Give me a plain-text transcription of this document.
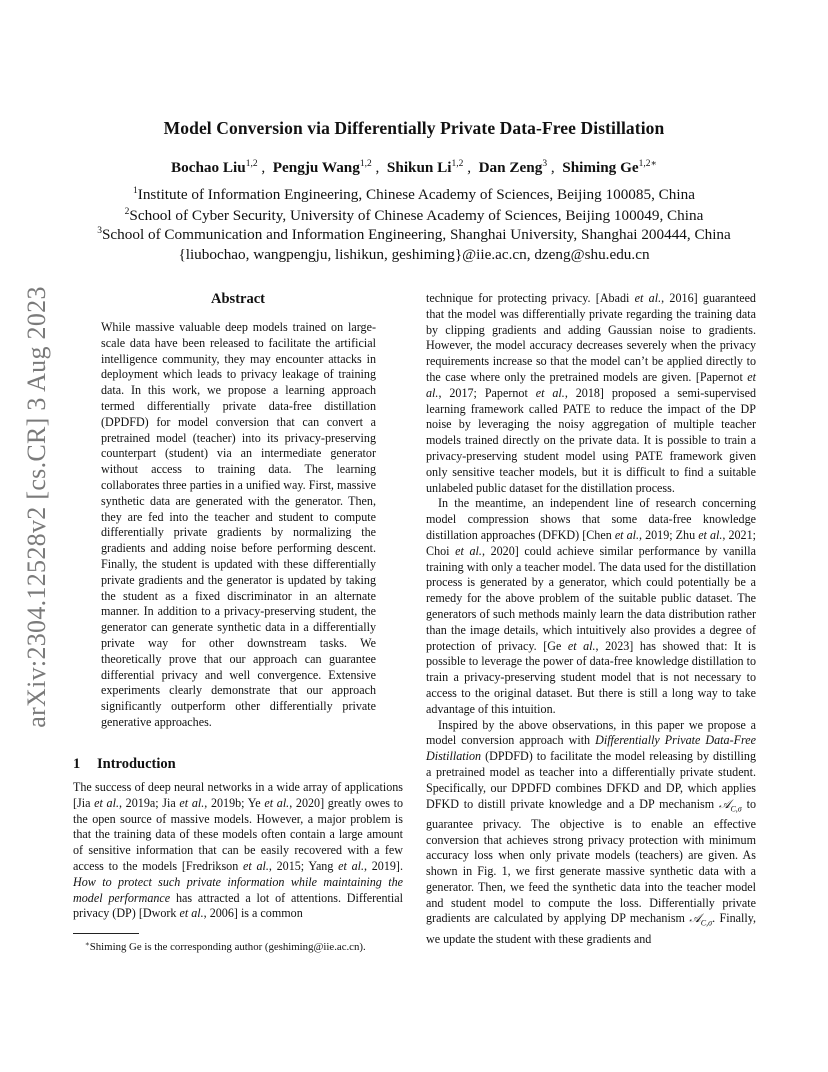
Model Conversion via Differentially Private Data-Free Distillation
Bochao Liu$^{1,2}$ ,  Pengju Wang$^{1,2}$ ,  Shikun Li$^{1,2}$ ,  Dan Zeng$^3$ ,  Shiming $Ge^{1,2∗}$
$^1$Institute of Information Engineering, Chinese Academy of Sciences, Beijing 100085, China
$^2$School of Cyber Security, University of Chinese Academy of Sciences, Beijing 100049, China
$^3$School of Communication and Information Engineering, Shanghai University, Shanghai 200444, China
{liubochao, wangpengju, lishikun, geshiming}@iie.ac.cn, dzeng@shu.edu.cn
arXiv:2304.12528v2 [cs.CR] 3 Aug 2023	Abstract

While massive valuable deep models trained on large-scale data have been released to facilitate the artificial intelligence community, they may encounter attacks in deployment which leads to privacy leakage of training data. In this work, we propose a learning approach termed differentially private data-free distillation (DPDFD) for model conversion that can convert a pretrained model (teacher) into its privacy-preserving counterpart (student) via an intermediate generator without access to training data. The learning collaborates three parties in a unified way. First, massive synthetic data are generated with the generator. Then, they are fed into the teacher and student to compute differentially private gradients by normalizing the gradients and adding noise before performing descent. Finally, the student is updated with these differentially private gradients and the generator is updated by taking the student as a fixed discriminator in an alternate manner. In addition to a privacy-preserving student, the generator can generate synthetic data in a differentially private way for other downstream tasks. We theoretically prove that our approach can guarantee differential privacy and well convergence. Extensive experiments clearly demonstrate that our approach significantly outperform other differentially private generative approaches.

1 Introduction

The success of deep neural networks in a wide array of applications [Jia et al., 2019a; Jia et al., 2019b; Ye et al., 2020] greatly owes to the open source of massive models. However, a major problem is that the training data of these models often contain a large amount of sensitive information that can be easily recovered with a few access to the models [Fredrikson et al., 2015; Yang et al., 2019]. How to protect such private information while maintaining the model performance has attracted a lot of attentions. Differential privacy (DP) [Dwork et al., 2006] is a common

technique for protecting privacy. [Abadi et al., 2016] guaranteed that the model was differentially private regarding the training data by clipping gradients and adding Gaussian noise to gradients. However, the model accuracy decreases severely when the privacy requirements increase so that the model can’t be applied directly to the case where only the pretrained models are given. [Papernot et al., 2017; Papernot et al., 2018] proposed a semi-supervised learning framework called PATE to reduce the impact of the DP noise by leveraging the noisy aggregation of multiple teacher models trained directly on the private data. It is possible to train a privacy-preserving student model using PATE framework given only sensitive teacher models, but it is difficult to find a suitable unlabeled public dataset for the distillation process.

In the meantime, an independent line of research concerning model compression shows that some data-free knowledge distillation approaches (DFKD) [Chen et al., 2019; Zhu et al., 2021; Choi et al., 2020] could achieve similar performance by vanilla training with only a teacher model. The data used for the distillation process is generated by a generator, which could potentially be a remedy for the above problem of the suitable public dataset. The generators of such methods mainly learn the data distribution rather than the image details, which intuitively also provides a degree of protection of privacy. [Ge et al., 2023] has showed that: It is possible to leverage the power of data-free knowledge distillation to train a privacy-preserving student model that is not necessary to access to the original dataset. But there is still a long way to take advantage of this intuition.

Inspired by the above observations, in this paper we propose a model conversion approach with Differentially Private Data-Free Distillation (DPDFD) to facilitate the model releasing by distilling a pretrained model as teacher into a differentially private student. Specifically, our DPDFD combines DFKD and DP, which applies DFKD to distill private knowledge and a DP mechanism 𝒜$_{C,\sigma}$ to guarantee privacy. The objective is to enable an effective conversion that achieves strong privacy protection with minimum accuracy loss when only private models (teachers) are given. As shown in Fig. 1, we first generate massive synthetic data with a generator. Then, we feed the synthetic data into the teacher model and student model to compute the loss. Differentially private gradients are calculated by applying DP mechanism 𝒜$_{C,\sigma}$. Finally, we update the student with these gradients and

∗Shiming Ge is the corresponding author (geshiming@iie.ac.cn).
